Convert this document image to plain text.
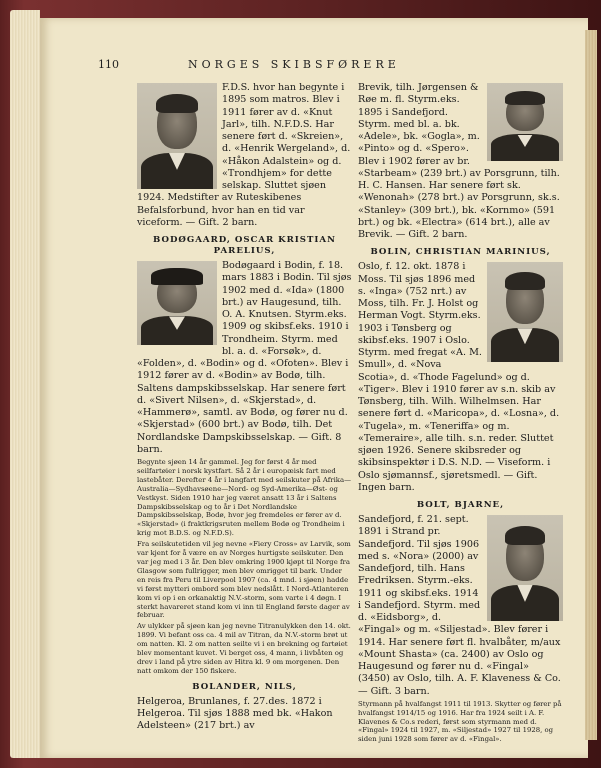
110	NORGES SKIBSFØRERE

F.D.S. hvor han begynte i 1895 som matros. Blev i 1911 fører av d. «Knut Jarl», tilh. N.F.D.S. Har senere ført d. «Skreien», d. «Henrik Wergeland», d. «Håkon Adalstein» og d. «Trondhjem» for dette selskap. Sluttet sjøen 1924. Medstifter av Ruteskibenes Befalsforbund, hvor han en tid var viceform. — Gift. 2 barn.

BODØGAARD, OSCAR KRISTIAN PARELIUS,

Bodøgaard i Bodin, f. 18. mars 1883 i Bodin. Til sjøs 1902 med d. «Ida» (1800 brt.) av Haugesund, tilh. O. A. Knutsen. Styrm.eks. 1909 og skibsf.eks. 1910 i Trondheim. Styrm. med bl. a. d. «Forsøk», d. «Folden», d. «Bodin» og d. «Ofoten». Blev i 1912 fører av d. «Bodin» av Bodø, tilh. Saltens dampskibsselskap. Har senere ført d. «Sivert Nilsen», d. «Skjerstad», d. «Hammerø», samtl. av Bodø, og fører nu d. «Skjerstad» (600 brt.) av Bodø, tilh. Det Nordlandske Dampskibsselskap. — Gift. 8 barn.

Begynte sjøen 14 år gammel. Jeg for først 4 år med seilfartøier i norsk kystfart. Så 2 år i europæisk fart med lastebåter. Derefter 4 år i langfart med seilskuter på Afrika—Australia—Sydhavsøene—Nord- og Syd-Amerika—Øst- og Vestkyst. Siden 1910 har jeg været ansatt 13 år i Saltens Dampskibsselskap og to år i Det Nordlandske Dampskibsselskap, Bodø, hvor jeg fremdeles er fører av d. «Skjerstad» (i fraktkrigsruten mellem Bodø og Trondheim i krig mot B.D.S. og N.F.D.S).

Fra seilskutetiden vil jeg nevne «Fiery Cross» av Larvik, som var kjent for å være en av Norges hurtigste seilskuter. Den var jeg med i 3 år. Den blev omkring 1900 kjøpt til Norge fra Glasgow som fullrigger, men blev omrigget til bark. Under en reis fra Peru til Liverpool 1907 (ca. 4 mnd. i sjøen) hadde vi først mytteri ombord som blev nedslått. I Nord-Atlanteren kom vi op i en orkanaktig N.V.-storm, som varte i 4 døgn. I sterkt havareret stand kom vi inn til England første dager av februar.

Av ulykker på sjøen kan jeg nevne Titranulykken den 14. okt. 1899. Vi befant oss ca. 4 mil av Titran, da N.V.-storm brøt ut om natten. Kl. 2 om natten seilte vi i en brekning og fartøiet blev momentant kuvet. Vi berget oss, 4 mann, i livbåten og drev i land på ytre siden av Hitra kl. 9 om morgenen. Den natt omkom der 150 fiskere.

BOLANDER, NILS,

Helgeroa, Brunlanes, f. 27.des. 1872 i Helgeroa. Til sjøs 1888 med bk. «Hakon Adelsteen» (217 brt.) av

Brevik, tilh. Jørgensen & Røe m. fl. Styrm.eks. 1895 i Sandefjord. Styrm. med bl. a. bk. «Adele», bk. «Gogla», m. «Pinto» og d. «Spero». Blev i 1902 fører av br. «Starbeam» (239 brt.) av Porsgrunn, tilh. H. C. Hansen. Har senere ført sk. «Wenonah» (278 brt.) av Porsgrunn, sk.s. «Stanley» (309 brt.), bk. «Kornmo» (591 brt.) og bk. «Electra» (614 brt.), alle av Brevik. — Gift. 2 barn.

BOLIN, CHRISTIAN MARINIUS,

Oslo, f. 12. okt. 1878 i Moss. Til sjøs 1896 med s. «Inga» (752 nrt.) av Moss, tilh. Fr. J. Holst og Herman Vogt. Styrm.eks. 1903 i Tønsberg og skibsf.eks. 1907 i Oslo. Styrm. med fregat «A. M. Smull», d. «Nova Scotia», d. «Thode Fagelund» og d. «Tiger». Blev i 1910 fører av s.n. skib av Tønsberg, tilh. Wilh. Wilhelmsen. Har senere ført d. «Maricopa», d. «Losna», d. «Tugela», m. «Teneriffa» og m. «Temeraire», alle tilh. s.n. reder. Sluttet sjøen 1926. Senere skibsreder og skibsinspektør i D.S. N.D. — Viseform. i Oslo sjømannsf., sjøretsmedl. — Gift. Ingen barn.

BOLT, BJARNE,

Sandefjord, f. 21. sept. 1891 i Strand pr. Sandefjord. Til sjøs 1906 med s. «Nora» (2000) av Sandefjord, tilh. Hans Fredriksen. Styrm.-eks. 1911 og skibsf.eks. 1914 i Sandefjord. Styrm. med d. «Eidsborg», d. «Fingal» og m. «Siljestad». Blev fører i 1914. Har senere ført fl. hvalbåter, m/aux «Mount Shasta» (ca. 2400) av Oslo og Haugesund og fører nu d. «Fingal» (3450) av Oslo, tilh. A. F. Klaveness & Co. — Gift. 3 barn.

Styrmann på hvalfangst 1911 til 1913. Skytter og fører på hvalfangst 1914/15 og 1916. Har fra 1924 seilt i A. F. Klavenes & Co.s rederi, først som styrmann med d. «Fingal» 1924 til 1927, m. «Siljestad» 1927 til 1928, og siden juni 1928 som fører av d. «Fingal».
